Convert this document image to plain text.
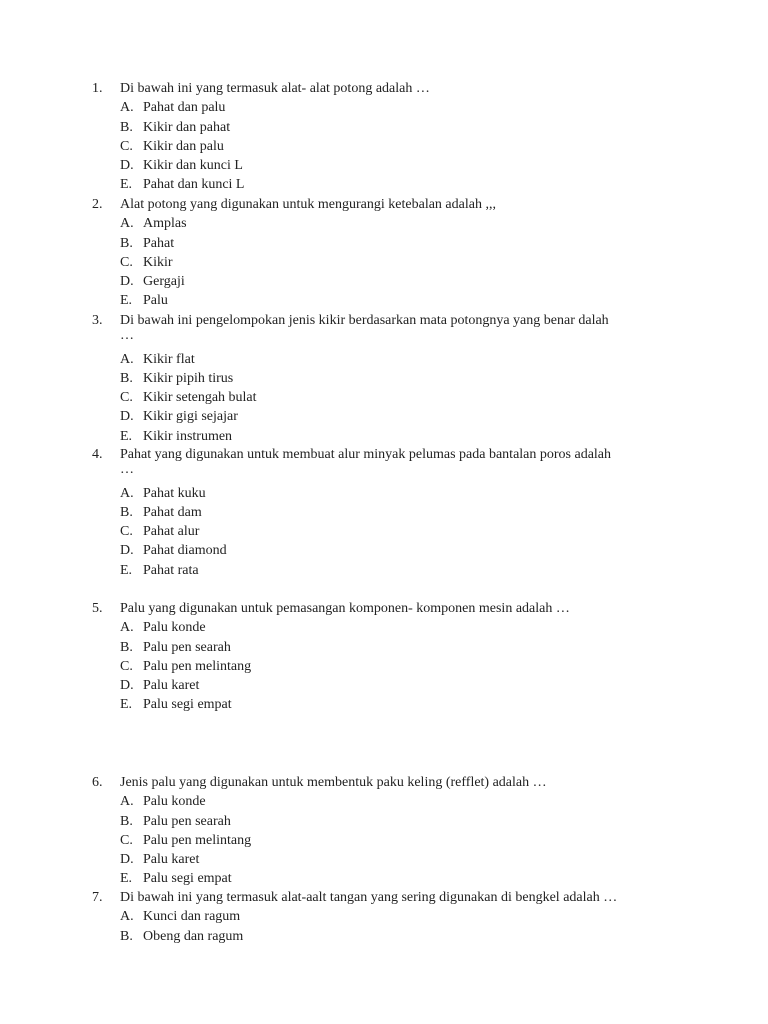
1.	Di bawah ini yang termasuk alat- alat potong adalah …
A. Pahat dan palu
B. Kikir dan pahat
C. Kikir dan palu
D. Kikir dan kunci L
E. Pahat dan kunci L
2.	Alat potong yang digunakan untuk mengurangi ketebalan adalah ,,,
A. Amplas
B. Pahat
C. Kikir
D. Gergaji
E. Palu
3.	Di bawah ini pengelompokan jenis kikir berdasarkan mata potongnya yang benar dalah
…
A. Kikir flat
B. Kikir pipih tirus
C. Kikir setengah bulat
D. Kikir gigi sejajar
E. Kikir instrumen
4.	Pahat yang digunakan untuk membuat alur minyak pelumas pada bantalan poros adalah
…
A. Pahat kuku
B. Pahat dam
C. Pahat alur
D. Pahat diamond
E. Pahat rata
5.	Palu yang digunakan untuk pemasangan komponen- komponen mesin adalah …
A. Palu konde
B. Palu pen searah
C. Palu pen melintang
D. Palu karet
E. Palu segi empat
6.	Jenis palu yang digunakan untuk membentuk paku keling (refflet) adalah …
A. Palu konde
B. Palu pen searah
C. Palu pen melintang
D. Palu karet
E. Palu segi empat
7.	Di bawah ini yang termasuk alat-aalt tangan yang sering digunakan di bengkel adalah …
A. Kunci dan ragum
B. Obeng dan ragum
